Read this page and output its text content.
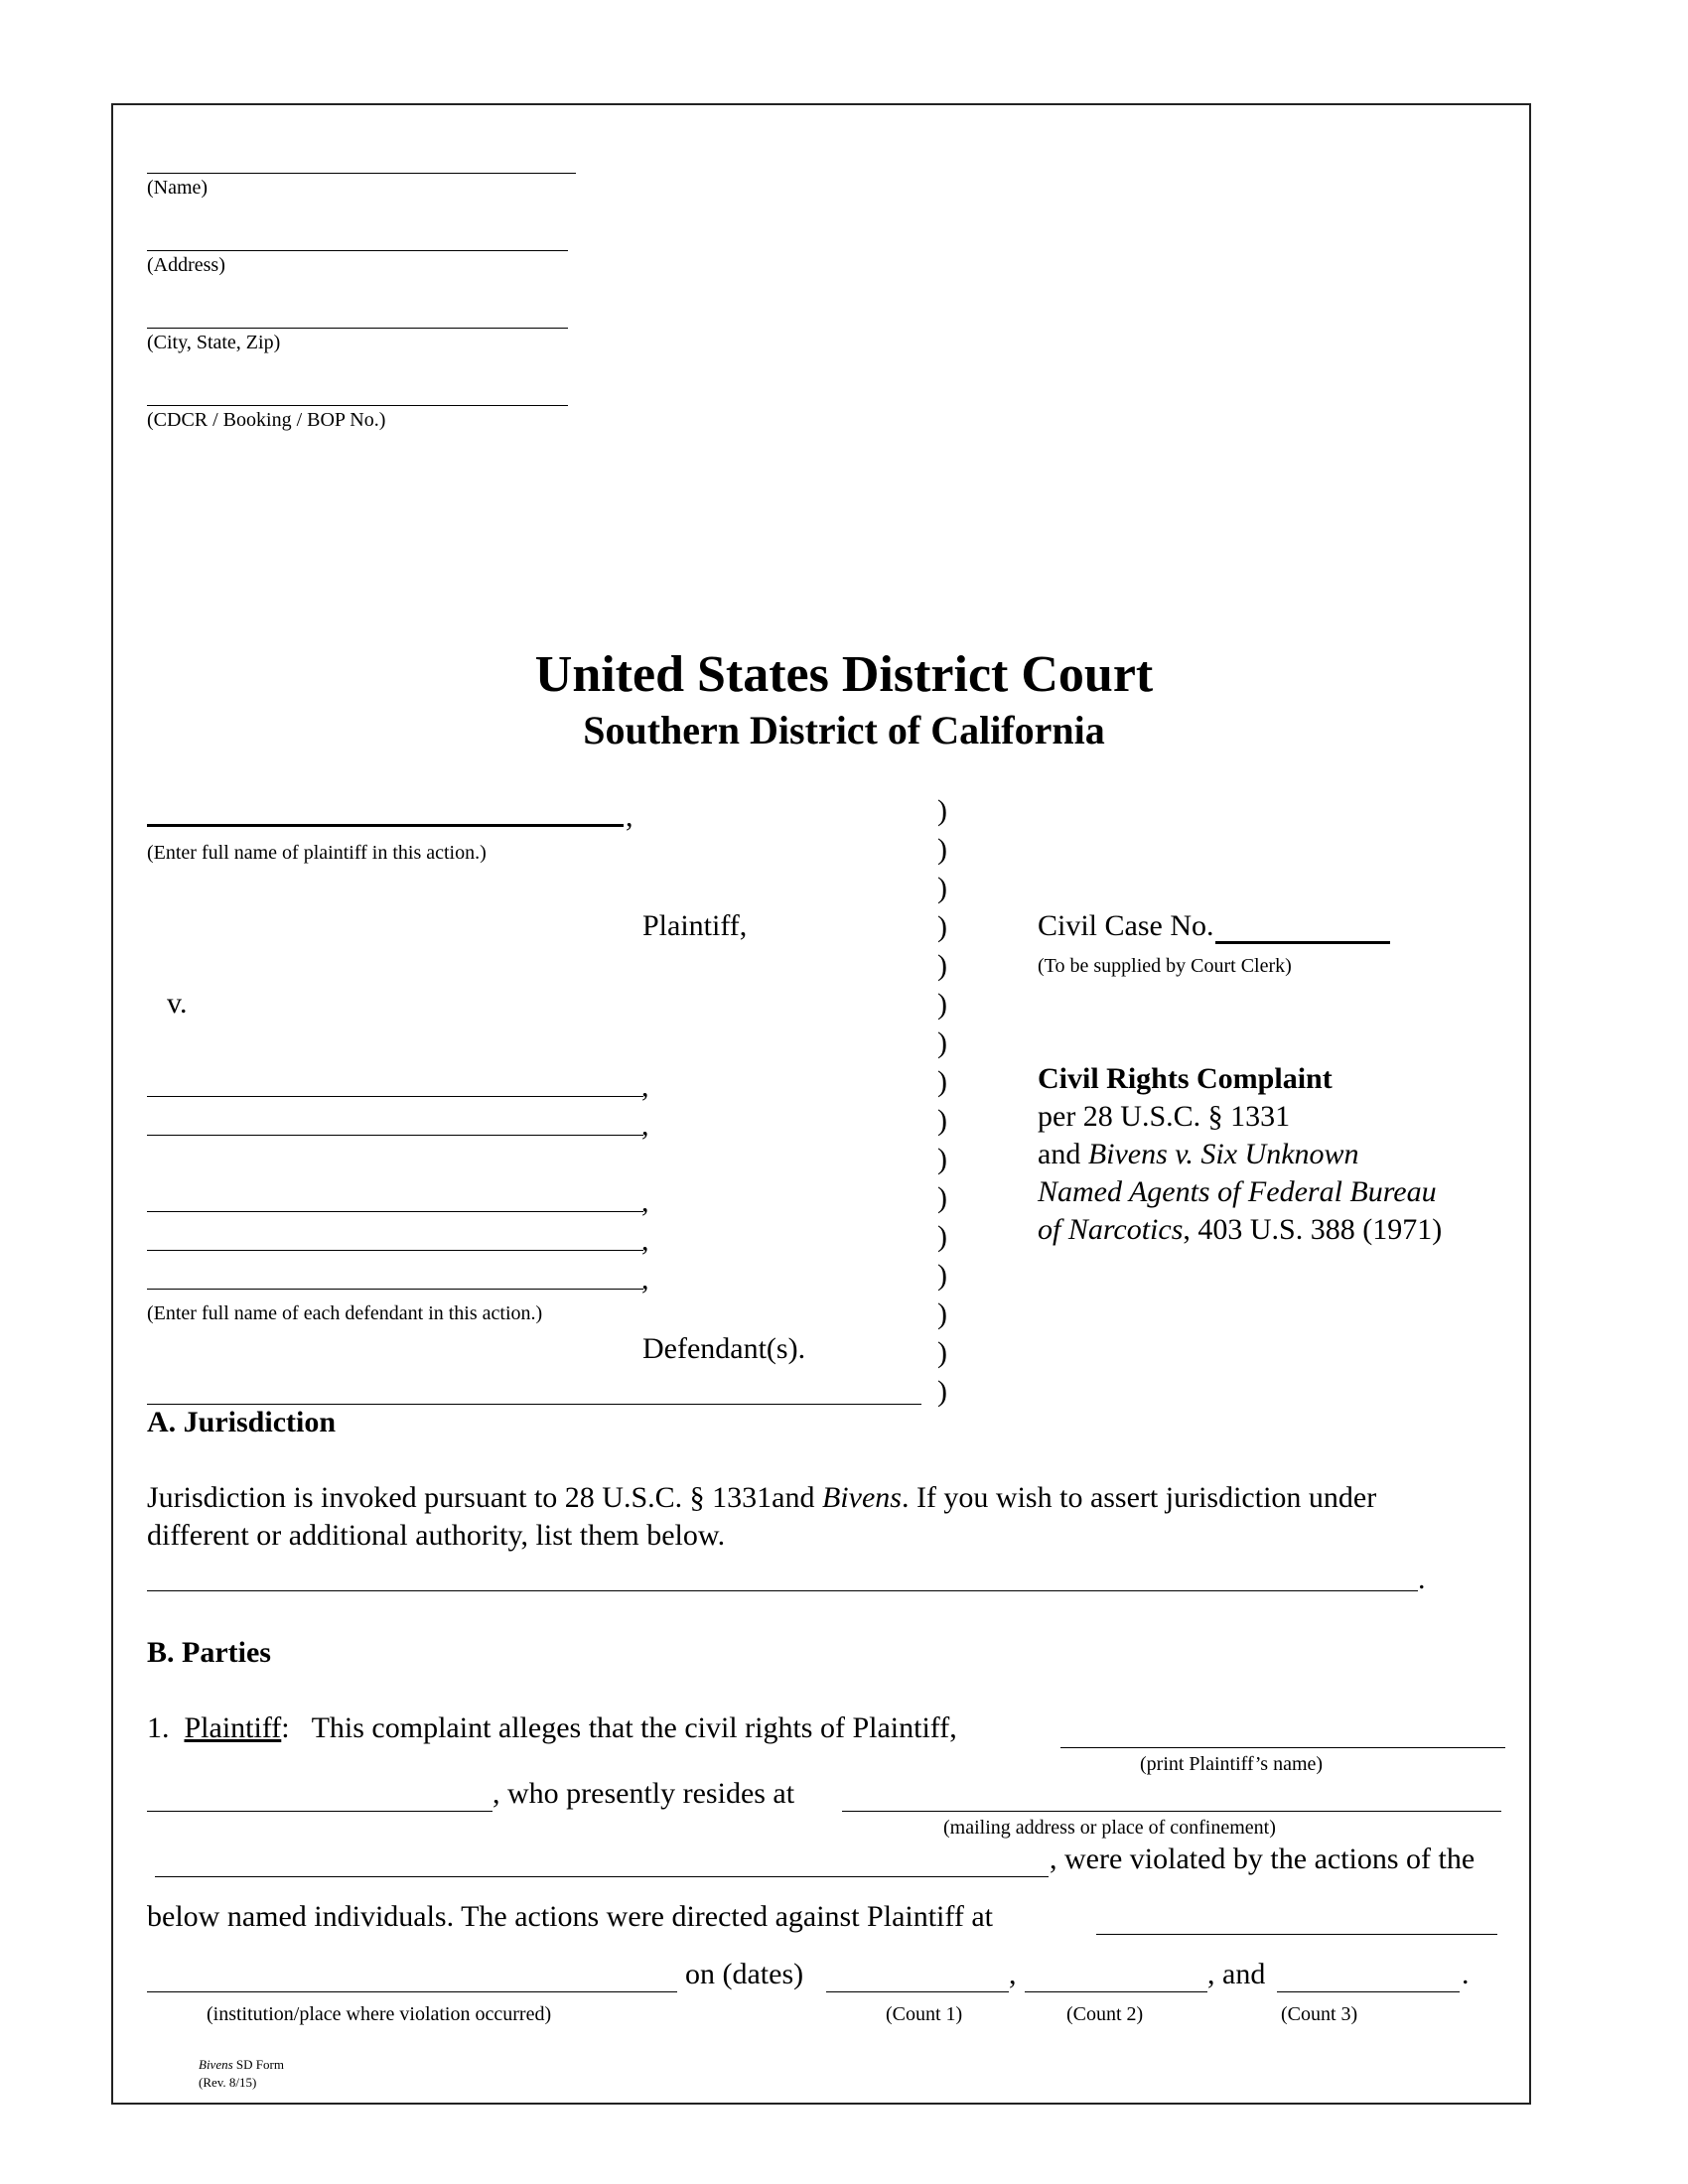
(Name)
(Address)
(City, State, Zip)
(CDCR / Booking / BOP No.)
United States District Court
Southern District of California
,
(Enter full name of plaintiff in this action.)
Plaintiff,
v.
,
,
,
,
,
(Enter full name of each defendant in this action.)
Defendant(s).
)
)
)
)
)
)
)
)
)
)
)
)
)
)
)
)
Civil Case No.
(To be supplied by Court Clerk)
Civil Rights Complaint
per 28 U.S.C. § 1331
and Bivens v. Six Unknown
Named Agents of Federal Bureau
of Narcotics, 403 U.S. 388 (1971)
A. Jurisdiction
Jurisdiction is invoked pursuant to 28 U.S.C. § 1331and Bivens. If you wish to assert jurisdiction under
different or additional authority, list them below.
.
B. Parties
1. Plaintiff: This complaint alleges that the civil rights of Plaintiff,
(print Plaintiff’s name)
, who presently resides at
(mailing address or place of confinement)
, were violated by the actions of the
below named individuals. The actions were directed against Plaintiff at
on (dates)	,	, and	.
(institution/place where violation occurred)	(Count 1)	(Count 2)	(Count 3)
Bivens SD Form
(Rev. 8/15)
